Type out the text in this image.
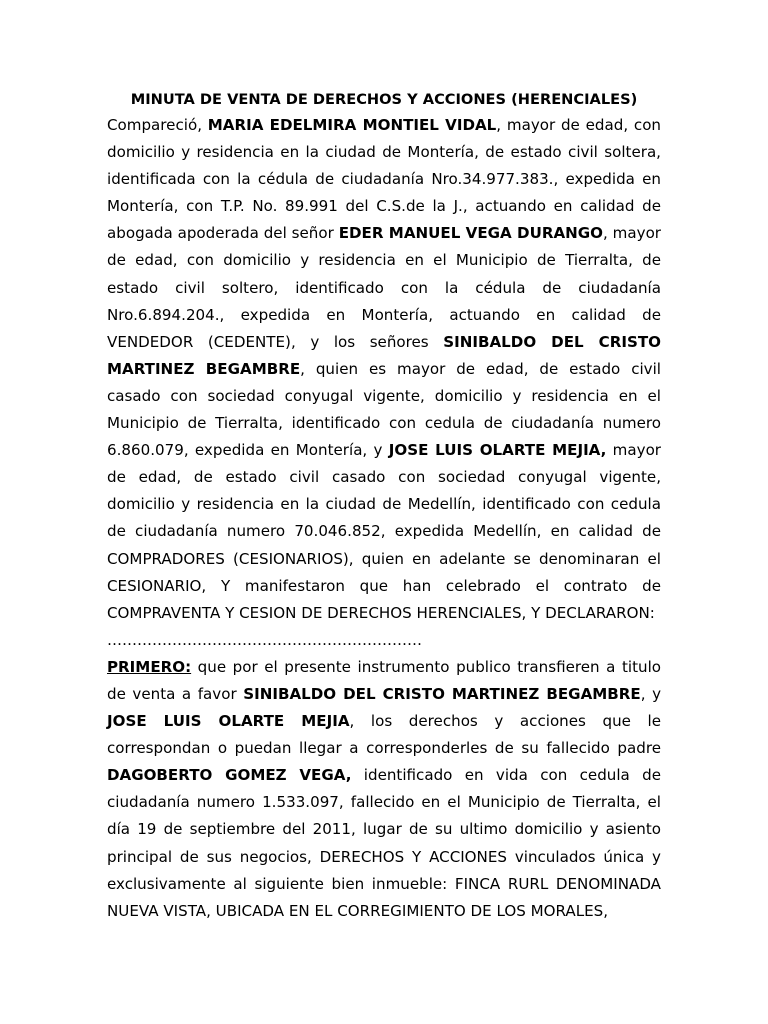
MINUTA DE VENTA DE DERECHOS Y ACCIONES (HERENCIALES)

Compareció, MARIA EDELMIRA MONTIEL VIDAL, mayor de edad, con domicilio y residencia en la ciudad de Montería, de estado civil soltera, identificada con la cédula de ciudadanía Nro.34.977.383., expedida en Montería, con T.P. No. 89.991 del C.S.de la J., actuando en calidad de abogada apoderada del señor EDER MANUEL VEGA DURANGO, mayor de edad, con domicilio y residencia en el Municipio de Tierralta, de estado civil soltero, identificado con la cédula de ciudadanía Nro.6.894.204., expedida en Montería, actuando en calidad de VENDEDOR (CEDENTE), y los señores SINIBALDO DEL CRISTO MARTINEZ BEGAMBRE, quien es mayor de edad, de estado civil casado con sociedad conyugal vigente, domicilio y residencia en el Municipio de Tierralta, identificado con cedula de ciudadanía numero 6.860.079, expedida en Montería, y JOSE LUIS OLARTE MEJIA, mayor de edad, de estado civil casado con sociedad conyugal vigente, domicilio y residencia en la ciudad de Medellín, identificado con cedula de ciudadanía numero 70.046.852, expedida Medellín, en calidad de COMPRADORES (CESIONARIOS), quien en adelante se denominaran el CESIONARIO, Y manifestaron que han celebrado el contrato de COMPRAVENTA Y CESION DE DERECHOS HERENCIALES, Y DECLARARON:

………………………………………………………

PRIMERO: que por el presente instrumento publico transfieren a titulo de venta a favor SINIBALDO DEL CRISTO MARTINEZ BEGAMBRE, y JOSE LUIS OLARTE MEJIA, los derechos y acciones que le correspondan o puedan llegar a corresponderles de su fallecido padre DAGOBERTO GOMEZ VEGA, identificado en vida con cedula de ciudadanía numero 1.533.097, fallecido en el Municipio de Tierralta, el día 19 de septiembre del 2011, lugar de su ultimo domicilio y asiento principal de sus negocios, DERECHOS Y ACCIONES vinculados única y exclusivamente al siguiente bien inmueble: FINCA RURL DENOMINADA NUEVA VISTA, UBICADA EN EL CORREGIMIENTO DE LOS MORALES,
